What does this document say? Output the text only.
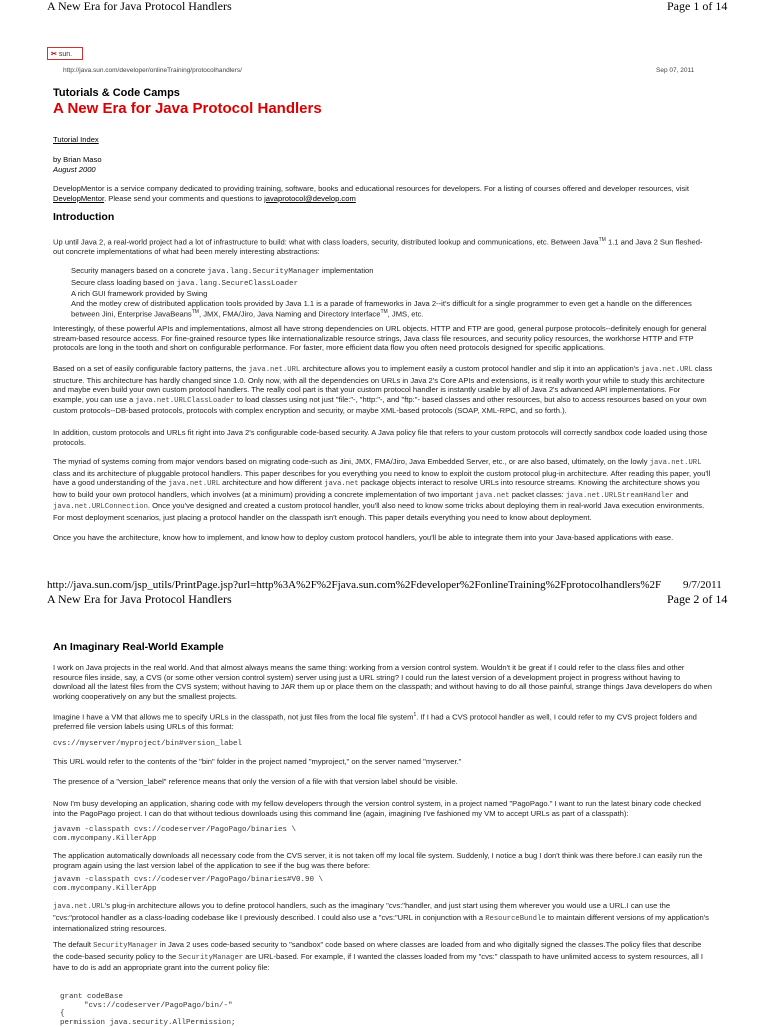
A New Era for Java Protocol Handlers	Page 1 of 14
✂ sun.
http://java.sun.com/developer/onlineTraining/protocolhandlers/	Sep 07, 2011
Tutorials & Code Camps
A New Era for Java Protocol Handlers
Tutorial Index
by Brian Maso
August 2000
DevelopMentor is a service company dedicated to providing training, software, books and educational resources for developers. For a listing of courses offered and developer resources, visit DevelopMentor. Please send your comments and questions to javaprotocol@develop.com
Introduction
Up until Java 2, a real-world project had a lot of infrastructure to build: what with class loaders, security, distributed lookup and communications, etc. Between Java™ 1.1 and Java 2 Sun fleshed-out concrete implementations of what had been merely interesting abstractions:
Security managers based on a concrete java.lang.SecurityManager implementation
Secure class loading based on java.lang.SecureClassLoader
A rich GUI framework provided by Swing
And the motley crew of distributed application tools provided by Java 1.1 is a parade of frameworks in Java 2--it's difficult for a single programmer to even get a handle on the differences between Jini, Enterprise JavaBeans™, JMX, FMA/Jiro, Java Naming and Directory Interface™, JMS, etc.
Interestingly, of these powerful APIs and implementations, almost all have strong dependencies on URL objects. HTTP and FTP are good, general purpose protocols--definitely enough for general stream-based resource access. For fine-grained resource types like internationalizable resource strings, Java class file resources, and security policy resources, the workhorse HTTP and FTP protocols are long in the tooth and short on configurable performance. For faster, more efficient data flow you often need protocols designed for specific applications.
Based on a set of easily configurable factory patterns, the java.net.URL architecture allows you to implement easily a custom protocol handler and slip it into an application's java.net.URL class structure. This architecture has hardly changed since 1.0. Only now, with all the dependencies on URLs in Java 2's Core APIs and extensions, is it really worth your while to study this architecture and maybe even build your own custom protocol handlers. The really cool part is that your custom protocol handler is instantly usable by all of Java 2's advanced API implementations. For example, you can use a java.net.URLClassLoader to load classes using not just "file:"-, "http:"-, and "ftp:"- based classes and other resources, but also to access resources based on your own custom protocols--DB-based protocols, protocols with complex encryption and security, or maybe XML-based protocols (SOAP, XML-RPC, and so forth.).
In addition, custom protocols and URLs fit right into Java 2's configurable code-based security. A Java policy file that refers to your custom protocols will correctly sandbox code loaded using those protocols.
The myriad of systems coming from major vendors based on migrating code-such as Jini, JMX, FMA/Jiro, Java Embedded Server, etc., or are also based, ultimately, on the lowly java.net.URL class and its architecture of pluggable protocol handlers. This paper describes for you everything you need to know to exploit the custom protocol plug-in architecture. After reading this paper, you'll have a good understanding of the java.net.URL architecture and how different java.net package objects interact to resolve URLs into resource streams. Knowing the architecture shows you how to build your own protocol handlers, which involves (at a minimum) providing a concrete implementation of two important java.net packet classes: java.net.URLStreamHandler and java.net.URLConnection. Once you've designed and created a custom protocol handler, you'll also need to know some tricks about deploying them in real-world Java execution environments. For most deployment scenarios, just placing a protocol handler on the classpath isn't enough. This paper details everything you need to know about deployment.
Once you have the architecture, know how to implement, and know how to deploy custom protocol handlers, you'll be able to integrate them into your Java-based applications with ease.
http://java.sun.com/jsp_utils/PrintPage.jsp?url=http%3A%2F%2Fjava.sun.com%2Fdeveloper%2FonlineTraining%2Fprotocolhandlers%2F	9/7/2011
A New Era for Java Protocol Handlers	Page 2 of 14
An Imaginary Real-World Example
I work on Java projects in the real world. And that almost always means the same thing: working from a version control system. Wouldn't it be great if I could refer to the class files and other resource files inside, say, a CVS (or some other version control system) server using just a URL string? I could run the latest version of a development project in progress without having to download all the latest files from the CVS system; without having to JAR them up or place them on the classpath; and without having to do all those painful, strange things Java developers do when working cooperatively on any but the smallest projects.
Imagine I have a VM that allows me to specify URLs in the classpath, not just files from the local file system$^1$. If I had a CVS protocol handler as well, I could refer to my CVS project folders and preferred file version labels using URLs of this format:
cvs://myserver/myproject/bin#version_label
This URL would refer to the contents of the "bin" folder in the project named "myproject," on the server named "myserver."
The presence of a "version_label" reference means that only the version of a file with that version label should be visible.
Now I'm busy developing an application, sharing code with my fellow developers through the version control system, in a project named "PagoPago." I want to run the latest binary code checked into the PagoPago project. I can do that without tedious downloads using this command line (again, imagining I've fashioned my VM to accept URLs as part of a classpath):
javavm -classpath cvs://codeserver/PagoPago/binaries \
com.mycompany.KillerApp
The application automatically downloads all necessary code from the CVS server, it is not taken off my local file system. Suddenly, I notice a bug I don't think was there before.I can easily run the program again using the last version label of the application to see if the bug was there before:
javavm -classpath cvs://codeserver/PagoPago/binaries#V0.90 \
com.mycompany.KillerApp
java.net.URL's plug-in architecture allows you to define protocol handlers, such as the imaginary "cvs:"handler, and just start using them wherever you would use a URL.I can use the "cvs:"protocol handler as a class-loading codebase like I previously described. I could also use a "cvs:"URL in conjunction with a ResourceBundle to maintain different versions of my application's internationalized string resources.
The default SecurityManager in Java 2 uses code-based security to "sandbox" code based on where classes are loaded from and who digitally signed the classes.The policy files that describe the code-based security policy to the SecurityManager are URL-based. For example, if I wanted the classes loaded from my "cvs:" classpath to have unlimited access to system resources, all I have to do is add an appropriate grant into the current policy file:
grant codeBase
"cvs://codeserver/PagoPago/bin/-"
{
permission java.security.AllPermission;
